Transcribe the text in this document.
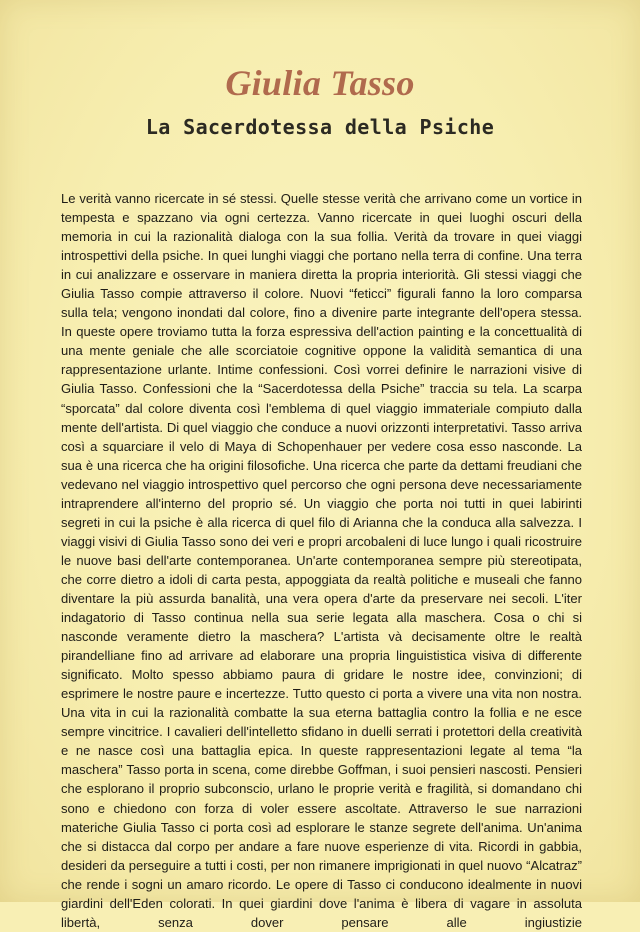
Giulia Tasso
La Sacerdotessa della Psiche

Le verità vanno ricercate in sé stessi. Quelle stesse verità che arrivano come un vortice in tempesta e spazzano via ogni certezza. Vanno ricercate in quei luoghi oscuri della memoria in cui la razionalità dialoga con la sua follia. Verità da trovare in quei viaggi introspettivi della psiche. In quei lunghi viaggi che portano nella terra di confine. Una terra in cui analizzare e osservare in maniera diretta la propria interiorità. Gli stessi viaggi che Giulia Tasso compie attraverso il colore. Nuovi “feticci” figurali fanno la loro comparsa sulla tela; vengono inondati dal colore, fino a divenire parte integrante dell'opera stessa. In queste opere troviamo tutta la forza espressiva dell'action painting e la concettualità di una mente geniale che alle scorciatoie cognitive oppone la validità semantica di una rappresentazione urlante. Intime confessioni. Così vorrei definire le narrazioni visive di Giulia Tasso. Confessioni che la “Sacerdotessa della Psiche” traccia su tela. La scarpa “sporcata” dal colore diventa così l'emblema di quel viaggio immateriale compiuto dalla mente dell'artista. Di quel viaggio che conduce a nuovi orizzonti interpretativi. Tasso arriva così a squarciare il velo di Maya di Schopenhauer per vedere cosa esso nasconde. La sua è una ricerca che ha origini filosofiche. Una ricerca che parte da dettami freudiani che vedevano nel viaggio introspettivo quel percorso che ogni persona deve necessariamente intraprendere all'interno del proprio sé. Un viaggio che porta noi tutti in quei labirinti segreti in cui la psiche è alla ricerca di quel filo di Arianna che la conduca alla salvezza. I viaggi visivi di Giulia Tasso sono dei veri e propri arcobaleni di luce lungo i quali ricostruire le nuove basi dell'arte contemporanea. Un'arte contemporanea sempre più stereotipata, che corre dietro a idoli di carta pesta, appoggiata da realtà politiche e museali che fanno diventare la più assurda banalità, una vera opera d'arte da preservare nei secoli. L'iter indagatorio di Tasso continua nella sua serie legata alla maschera. Cosa o chi si nasconde veramente dietro la maschera? L'artista và decisamente oltre le realtà pirandelliane fino ad arrivare ad elaborare una propria linguististica visiva di differente significato. Molto spesso abbiamo paura di gridare le nostre idee, convinzioni; di esprimere le nostre paure e incertezze. Tutto questo ci porta a vivere una vita non nostra. Una vita in cui la razionalità combatte la sua eterna battaglia contro la follia e ne esce sempre vincitrice. I cavalieri dell'intelletto sfidano in duelli serrati i protettori della creatività e ne nasce così una battaglia epica. In queste rappresentazioni legate al tema “la maschera” Tasso porta in scena, come direbbe Goffman, i suoi pensieri nascosti. Pensieri che esplorano il proprio subconscio, urlano le proprie verità e fragilità, si domandano chi sono e chiedono con forza di voler essere ascoltate. Attraverso le sue narrazioni materiche Giulia Tasso ci porta così ad esplorare le stanze segrete dell'anima. Un'anima che si distacca dal corpo per andare a fare nuove esperienze di vita. Ricordi in gabbia, desideri da perseguire a tutti i costi, per non rimanere imprigionati in quel nuovo “Alcatraz” che rende i sogni un amaro ricordo. Le opere di Tasso ci conducono idealmente in nuovi giardini dell'Eden colorati. In quei giardini dove l'anima è libera di vagare in assoluta libertà, senza dover pensare alle ingiustizie
